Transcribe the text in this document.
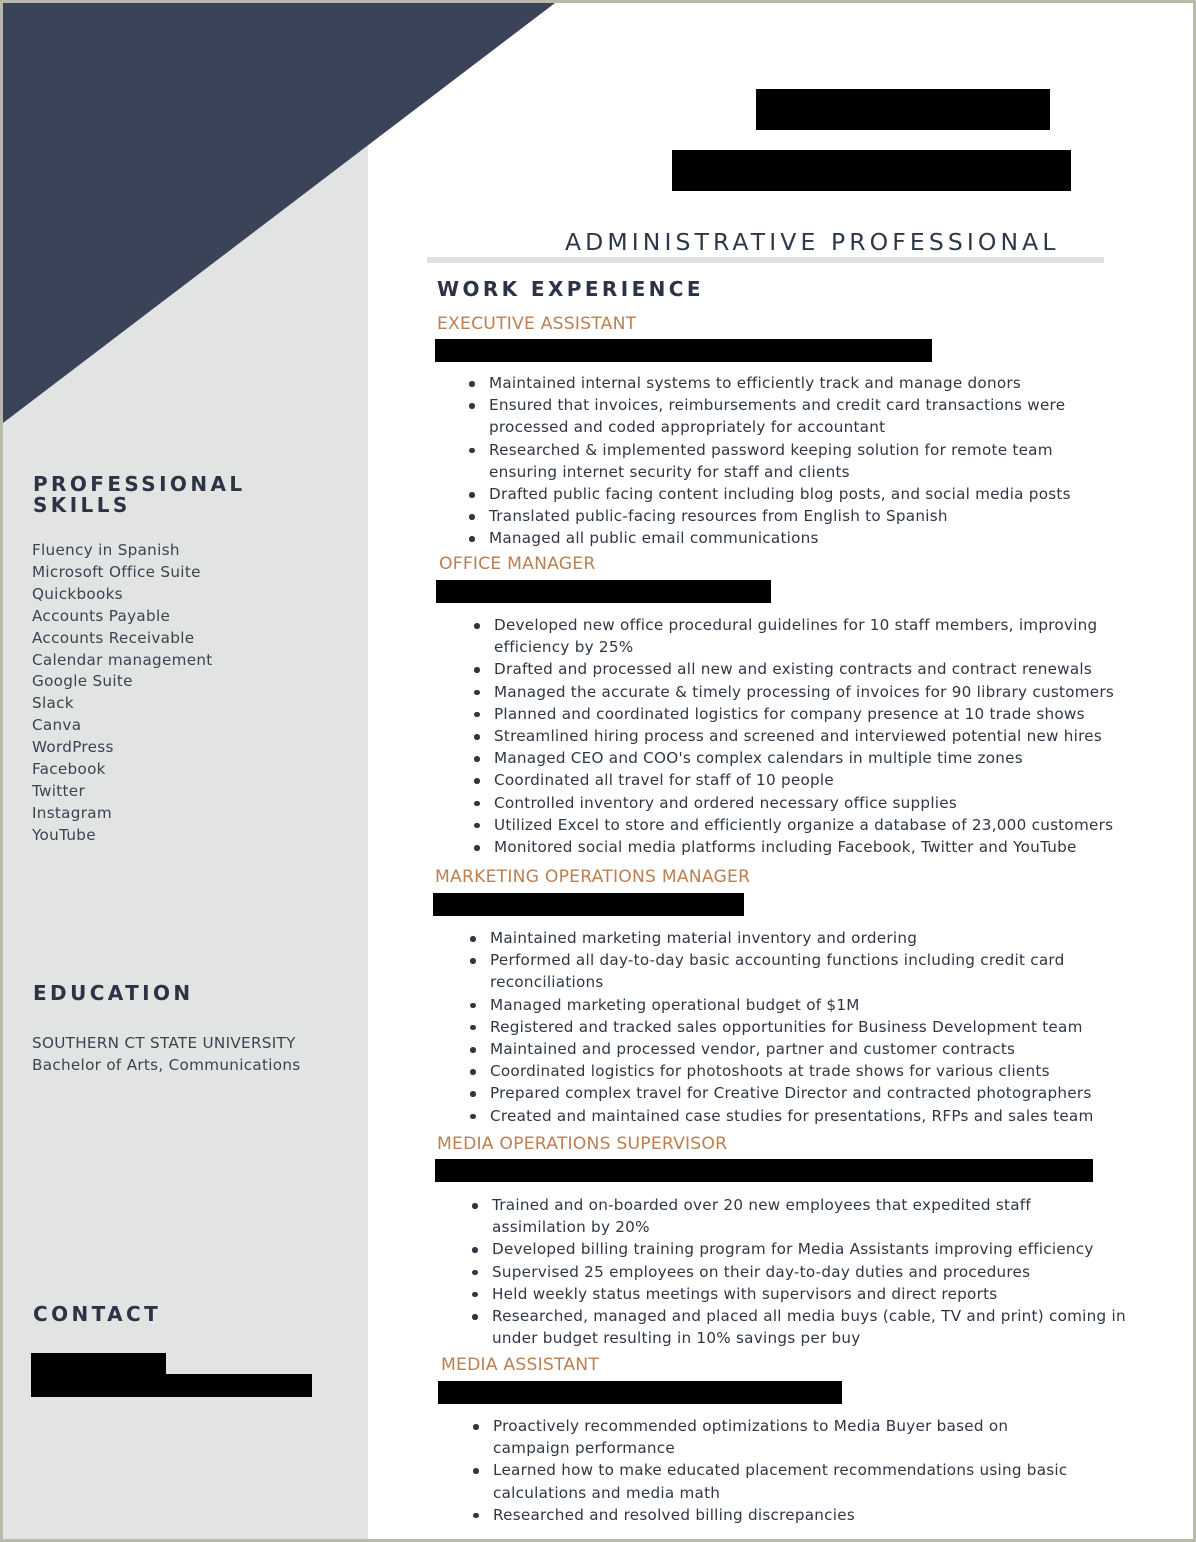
PROFESSIONAL
SKILLS
Fluency in Spanish
Microsoft Office Suite
Quickbooks
Accounts Payable
Accounts Receivable
Calendar management
Google Suite
Slack
Canva
WordPress
Facebook
Twitter
Instagram
YouTube
EDUCATION
SOUTHERN CT STATE UNIVERSITY
Bachelor of Arts, Communications
CONTACT
ADMINISTRATIVE PROFESSIONAL
WORK EXPERIENCE
EXECUTIVE ASSISTANT
Maintained internal systems to efficiently track and manage donors
Ensured that invoices, reimbursements and credit card transactions were processed and coded appropriately for accountant
Researched & implemented password keeping solution for remote team ensuring internet security for staff and clients
Drafted public facing content including blog posts, and social media posts
Translated public-facing resources from English to Spanish
Managed all public email communications
OFFICE MANAGER
Developed new office procedural guidelines for 10 staff members, improving efficiency by 25%
Drafted and processed all new and existing contracts and contract renewals
Managed the accurate & timely processing of invoices for 90 library customers
Planned and coordinated logistics for company presence at 10 trade shows
Streamlined hiring process and screened and interviewed potential new hires
Managed CEO and COO's complex calendars in multiple time zones
Coordinated all travel for staff of 10 people
Controlled inventory and ordered necessary office supplies
Utilized Excel to store and efficiently organize a database of 23,000 customers
Monitored social media platforms including Facebook, Twitter and YouTube
MARKETING OPERATIONS MANAGER
Maintained marketing material inventory and ordering
Performed all day-to-day basic accounting functions including credit card reconciliations
Managed marketing operational budget of $1M
Registered and tracked sales opportunities for Business Development team
Maintained and processed vendor, partner and customer contracts
Coordinated logistics for photoshoots at trade shows for various clients
Prepared complex travel for Creative Director and contracted photographers
Created and maintained case studies for presentations, RFPs and sales team
MEDIA OPERATIONS SUPERVISOR
Trained and on-boarded over 20 new employees that expedited staff assimilation by 20%
Developed billing training program for Media Assistants improving efficiency
Supervised 25 employees on their day-to-day duties and procedures
Held weekly status meetings with supervisors and direct reports
Researched, managed and placed all media buys (cable, TV and print) coming in under budget resulting in 10% savings per buy
MEDIA ASSISTANT
Proactively recommended optimizations to Media Buyer based on campaign performance
Learned how to make educated placement recommendations using basic calculations and media math
Researched and resolved billing discrepancies
